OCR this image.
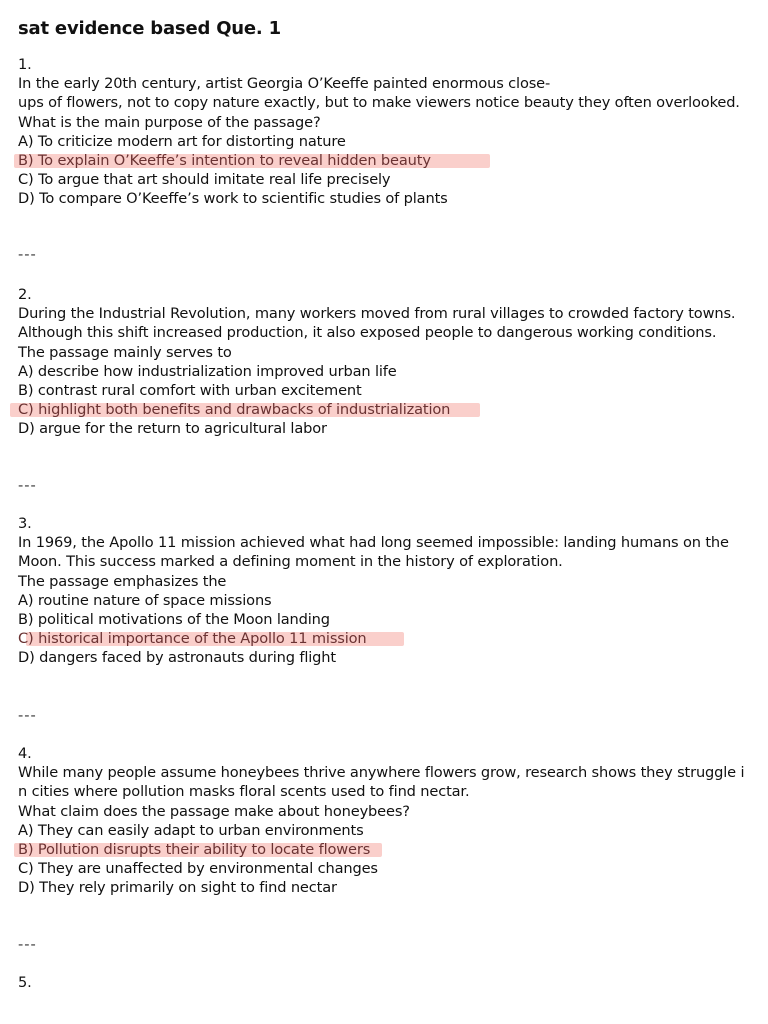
sat evidence based Que. 1
1.
In the early 20th century, artist Georgia O’Keeffe painted enormous close-
ups of flowers, not to copy nature exactly, but to make viewers notice beauty they often overlooked.
What is the main purpose of the passage?
A) To criticize modern art for distorting nature
B) To explain O’Keeffe’s intention to reveal hidden beauty
C) To argue that art should imitate real life precisely
D) To compare O’Keeffe’s work to scientific studies of plants
---
2.
During the Industrial Revolution, many workers moved from rural villages to crowded factory towns.
Although this shift increased production, it also exposed people to dangerous working conditions.
The passage mainly serves to
A) describe how industrialization improved urban life
B) contrast rural comfort with urban excitement
C) highlight both benefits and drawbacks of industrialization
D) argue for the return to agricultural labor
---
3.
In 1969, the Apollo 11 mission achieved what had long seemed impossible: landing humans on the
Moon. This success marked a defining moment in the history of exploration.
The passage emphasizes the
A) routine nature of space missions
B) political motivations of the Moon landing
C) historical importance of the Apollo 11 mission
D) dangers faced by astronauts during flight
---
4.
While many people assume honeybees thrive anywhere flowers grow, research shows they struggle i
n cities where pollution masks floral scents used to find nectar.
What claim does the passage make about honeybees?
A) They can easily adapt to urban environments
B) Pollution disrupts their ability to locate flowers
C) They are unaffected by environmental changes
D) They rely primarily on sight to find nectar
---
5.
